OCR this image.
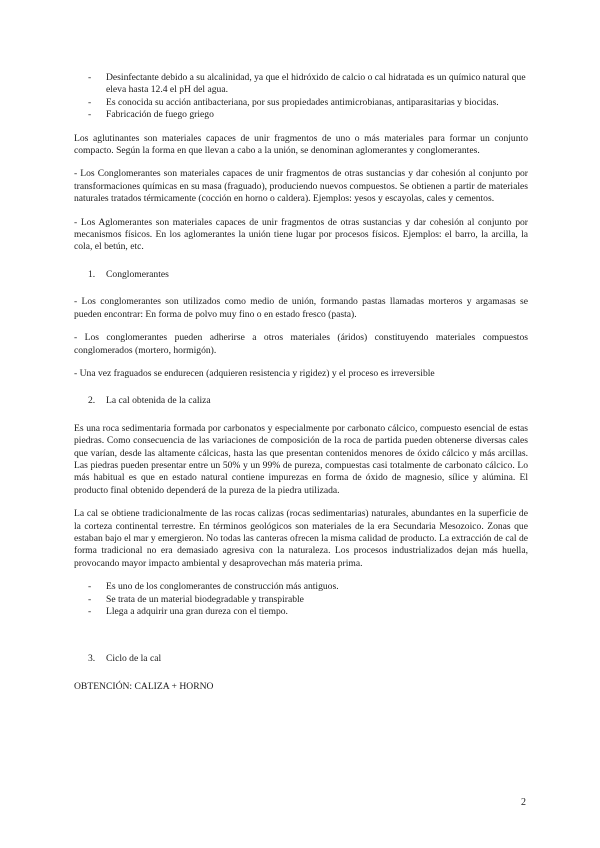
- Desinfectante debido a su alcalinidad, ya que el hidróxido de calcio o cal hidratada es un químico natural que eleva hasta 12.4 el pH del agua.
- Es conocida su acción antibacteriana, por sus propiedades antimicrobianas, antiparasitarias y biocidas.
- Fabricación de fuego griego

Los aglutinantes son materiales capaces de unir fragmentos de uno o más materiales para formar un conjunto compacto. Según la forma en que llevan a cabo a la unión, se denominan aglomerantes y conglomerantes.

- Los Conglomerantes son materiales capaces de unir fragmentos de otras sustancias y dar cohesión al conjunto por transformaciones químicas en su masa (fraguado), produciendo nuevos compuestos. Se obtienen a partir de materiales naturales tratados térmicamente (cocción en horno o caldera). Ejemplos: yesos y escayolas, cales y cementos.

- Los Aglomerantes son materiales capaces de unir fragmentos de otras sustancias y dar cohesión al conjunto por mecanismos físicos. En los aglomerantes la unión tiene lugar por procesos físicos. Ejemplos: el barro, la arcilla, la cola, el betún, etc.

1. Conglomerantes

- Los conglomerantes son utilizados como medio de unión, formando pastas llamadas morteros y argamasas se pueden encontrar: En forma de polvo muy fino o en estado fresco (pasta).

- Los conglomerantes pueden adherirse a otros materiales (áridos) constituyendo materiales compuestos conglomerados (mortero, hormigón).

- Una vez fraguados se endurecen (adquieren resistencia y rigidez) y el proceso es irreversible

2. La cal obtenida de la caliza

Es una roca sedimentaria formada por carbonatos y especialmente por carbonato cálcico, compuesto esencial de estas piedras. Como consecuencia de las variaciones de composición de la roca de partida pueden obtenerse diversas cales que varían, desde las altamente cálcicas, hasta las que presentan contenidos menores de óxido cálcico y más arcillas. Las piedras pueden presentar entre un 50% y un 99% de pureza, compuestas casi totalmente de carbonato cálcico. Lo más habitual es que en estado natural contiene impurezas en forma de óxido de magnesio, sílice y alúmina. El producto final obtenido dependerá de la pureza de la piedra utilizada.

La cal se obtiene tradicionalmente de las rocas calizas (rocas sedimentarias) naturales, abundantes en la superficie de la corteza continental terrestre. En términos geológicos son materiales de la era Secundaria Mesozoico. Zonas que estaban bajo el mar y emergieron. No todas las canteras ofrecen la misma calidad de producto. La extracción de cal de forma tradicional no era demasiado agresiva con la naturaleza. Los procesos industrializados dejan más huella, provocando mayor impacto ambiental y desaprovechan más materia prima.

- Es uno de los conglomerantes de construcción más antiguos.
- Se trata de un material biodegradable y transpirable
- Llega a adquirir una gran dureza con el tiempo.
3. Ciclo de la cal

OBTENCIÓN: CALIZA + HORNO

2
